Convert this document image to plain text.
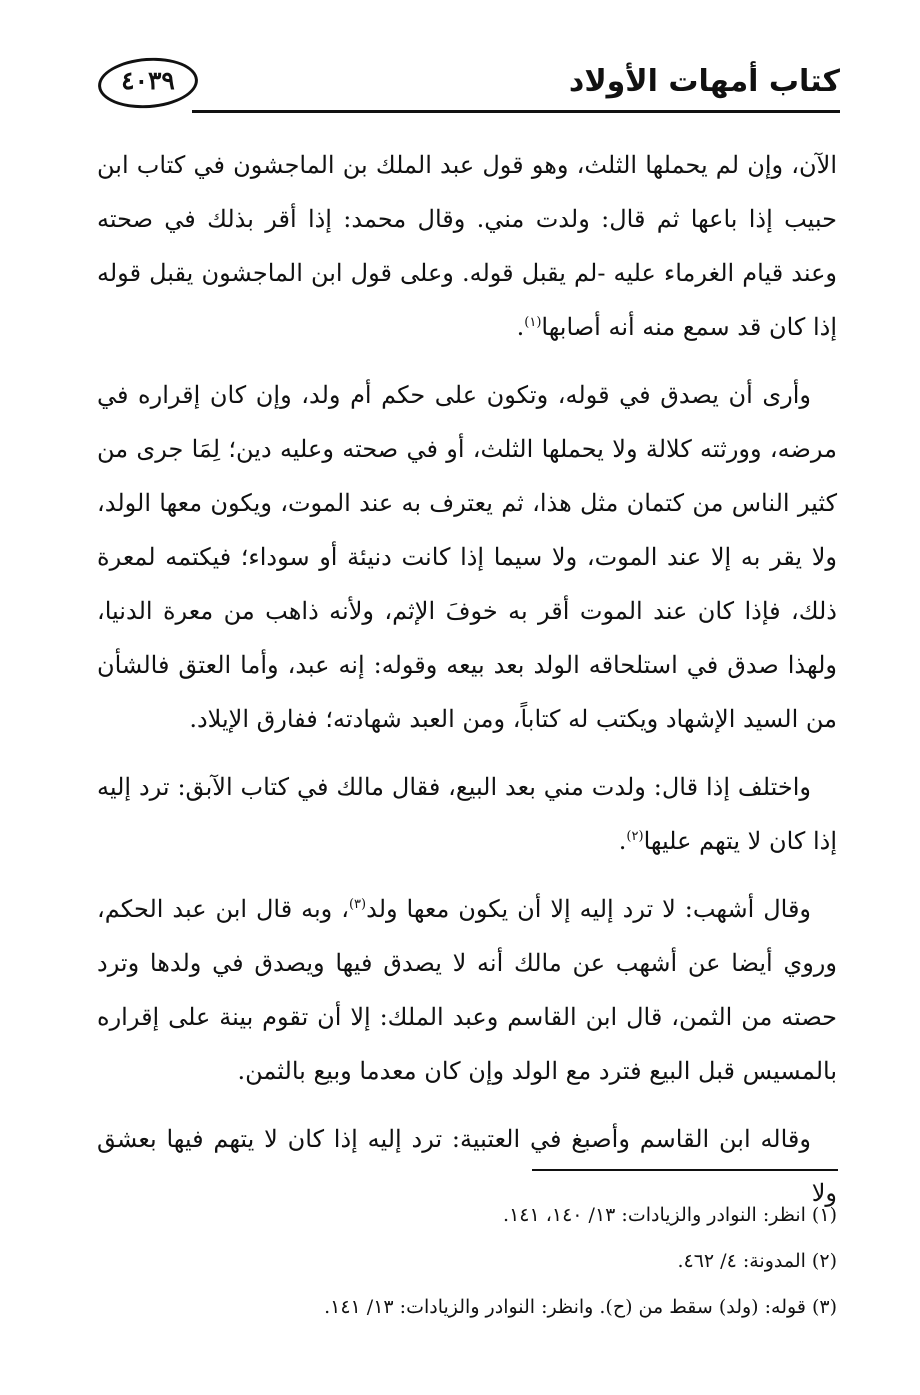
كتاب أمهات الأولاد
٤٠٣٩

الآن، وإن لم يحملها الثلث، وهو قول عبد الملك بن الماجشون في كتاب ابن حبيب إذا باعها ثم قال: ولدت مني. وقال محمد: إذا أقر بذلك في صحته وعند قيام الغرماء عليه -لم يقبل قوله. وعلى قول ابن الماجشون يقبل قوله إذا كان قد سمع منه أنه أصابها$^{(١)}$.

وأرى أن يصدق في قوله، وتكون على حكم أم ولد، وإن كان إقراره في مرضه، وورثته كلالة ولا يحملها الثلث، أو في صحته وعليه دين؛ لِمَا جرى من كثير الناس من كتمان مثل هذا، ثم يعترف به عند الموت، ويكون معها الولد، ولا يقر به إلا عند الموت، ولا سيما إذا كانت دنيئة أو سوداء؛ فيكتمه لمعرة ذلك، فإذا كان عند الموت أقر به خوفَ الإثم، ولأنه ذاهب من معرة الدنيا، ولهذا صدق في استلحاقه الولد بعد بيعه وقوله: إنه عبد، وأما العتق فالشأن من السيد الإشهاد ويكتب له كتاباً، ومن العبد شهادته؛ ففارق الإيلاد.

واختلف إذا قال: ولدت مني بعد البيع، فقال مالك في كتاب الآبق: ترد إليه إذا كان لا يتهم عليها$^{(٢)}$.

وقال أشهب: لا ترد إليه إلا أن يكون معها ولد$^{(٣)}$، وبه قال ابن عبد الحكم، وروي أيضا عن أشهب عن مالك أنه لا يصدق فيها ويصدق في ولدها وترد حصته من الثمن، قال ابن القاسم وعبد الملك: إلا أن تقوم بينة على إقراره بالمسيس قبل البيع فترد مع الولد وإن كان معدما وبيع بالثمن.

وقاله ابن القاسم وأصبغ في العتبية: ترد إليه إذا كان لا يتهم فيها بعشق ولا

(١) انظر: النوادر والزيادات: ١٣/ ١٤٠، ١٤١.

(٢) المدونة: ٤/ ٤٦٢.

(٣) قوله: (ولد) سقط من (ح). وانظر: النوادر والزيادات: ١٣/ ١٤١.
